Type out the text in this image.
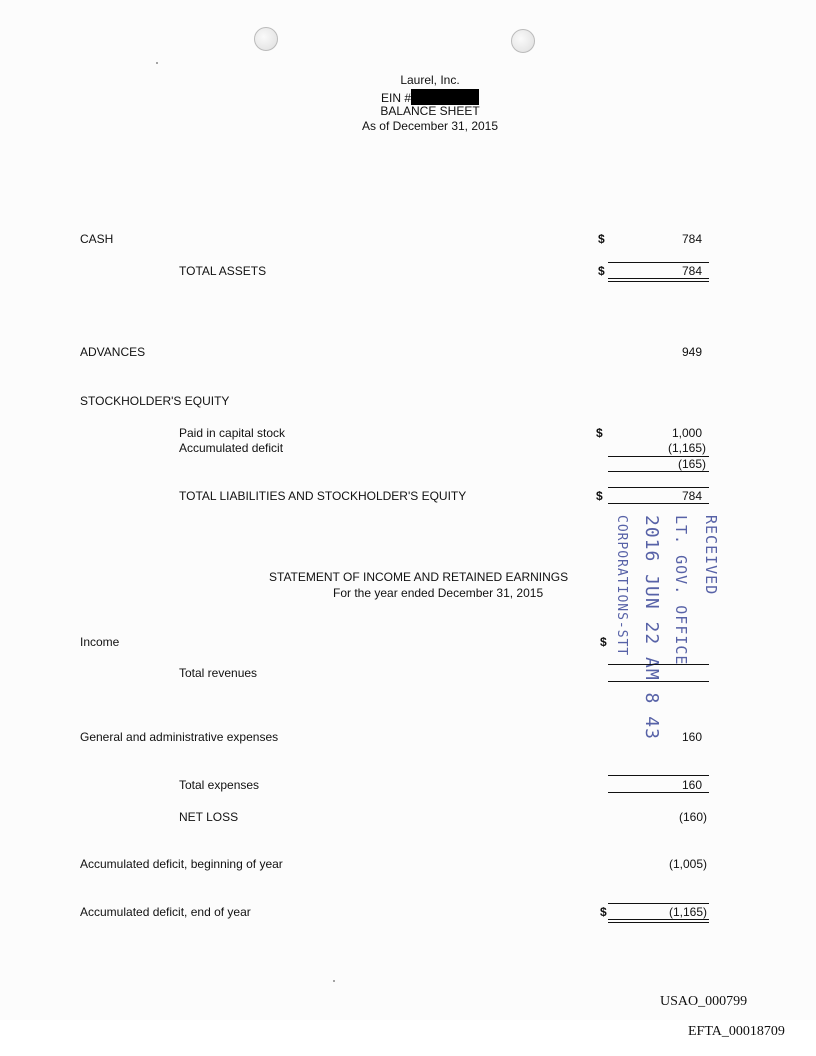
Laurel, Inc.
EIN #
BALANCE SHEET
As of December 31, 2015
CASH	$	784
TOTAL ASSETS	$	784
ADVANCES	949
STOCKHOLDER'S EQUITY
Paid in capital stock	$	1,000
Accumulated deficit	(1,165)
(165)
TOTAL LIABILITIES AND STOCKHOLDER'S EQUITY	$	784
RECEIVED
LT. GOV. OFFICE
2016 JUN 22 AM 8 43
CORPORATIONS-STT
STATEMENT OF INCOME AND RETAINED EARNINGS
For the year ended December 31, 2015
Income	$
Total revenues
General and administrative expenses	160
Total expenses	160
NET LOSS	(160)
Accumulated deficit, beginning of year	(1,005)
Accumulated deficit, end of year	$	(1,165)
USAO_000799
EFTA_00018709
